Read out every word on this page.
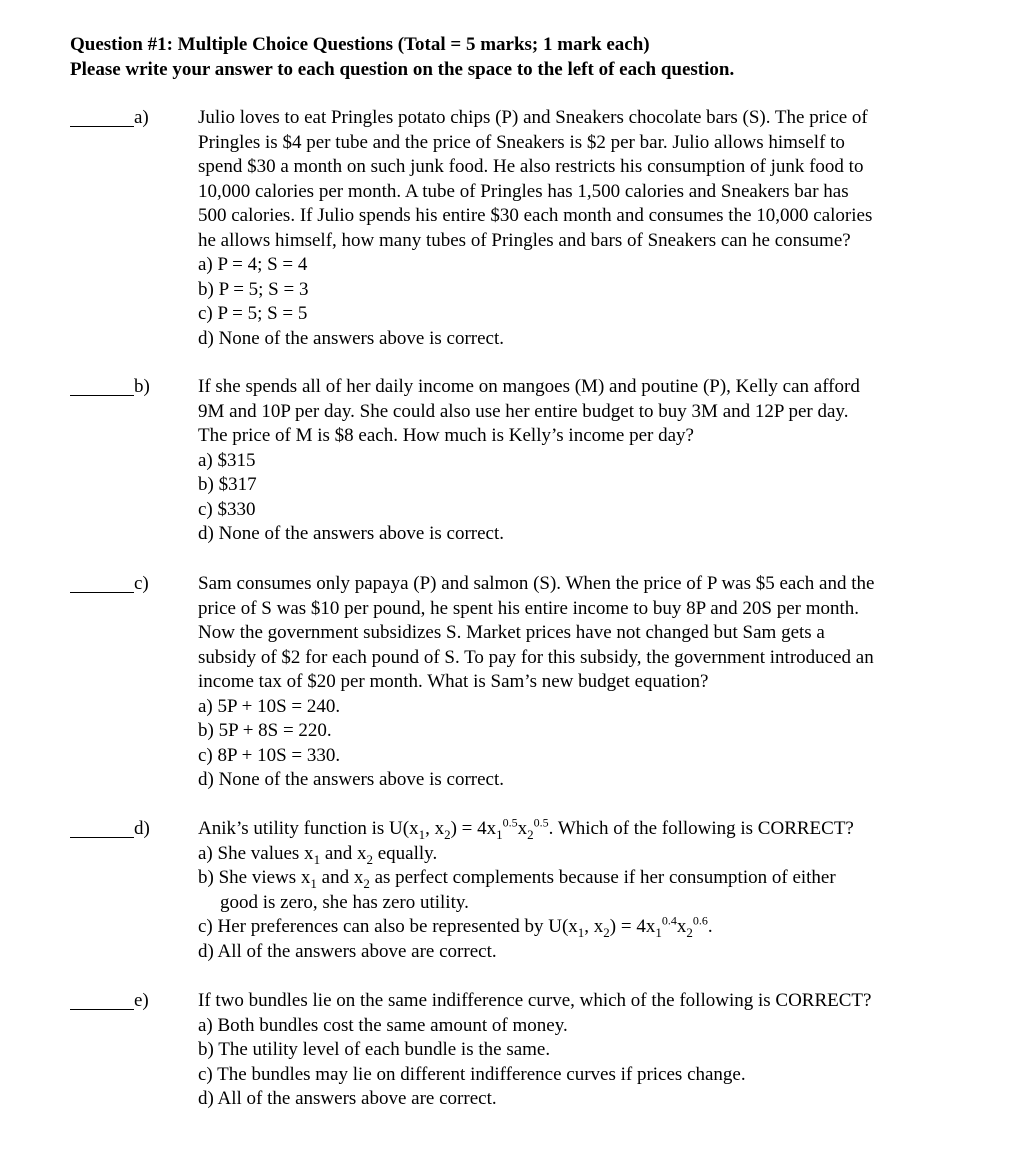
Question #1: Multiple Choice Questions (Total = 5 marks; 1 mark each)
Please write your answer to each question on the space to the left of each question.
a)	Julio loves to eat Pringles potato chips (P) and Sneakers chocolate bars (S). The price of
Pringles is $4 per tube and the price of Sneakers is $2 per bar. Julio allows himself to
spend $30 a month on such junk food. He also restricts his consumption of junk food to
10,000 calories per month. A tube of Pringles has 1,500 calories and Sneakers bar has
500 calories. If Julio spends his entire $30 each month and consumes the 10,000 calories
he allows himself, how many tubes of Pringles and bars of Sneakers can he consume?
a) P = 4; S = 4
b) P = 5; S = 3
c) P = 5; S = 5
d) None of the answers above is correct.
b)	If she spends all of her daily income on mangoes (M) and poutine (P), Kelly can afford
9M and 10P per day. She could also use her entire budget to buy 3M and 12P per day.
The price of M is $8 each. How much is Kelly’s income per day?
a) $315
b) $317
c) $330
d) None of the answers above is correct.
c)	Sam consumes only papaya (P) and salmon (S). When the price of P was $5 each and the
price of S was $10 per pound, he spent his entire income to buy 8P and 20S per month.
Now the government subsidizes S. Market prices have not changed but Sam gets a
subsidy of $2 for each pound of S. To pay for this subsidy, the government introduced an
income tax of $20 per month. What is Sam’s new budget equation?
a) 5P + 10S = 240.
b) 5P + 8S = 220.
c) 8P + 10S = 330.
d) None of the answers above is correct.
d)	Anik’s utility function is $U(x_1$, $x_2) = 4x_1^{0.5}x_2^{0.5}$. Which of the following is CORRECT?
a) She values $x_1$ and $x_2$ equally.
b) She views $x_1$ and $x_2$ as perfect complements because if her consumption of either
good is zero, she has zero utility.
c) Her preferences can also be represented by $U(x_1$, $x_2) = 4x_1^{0.4}x_2^{0.6}$.
d) All of the answers above are correct.
e)	If two bundles lie on the same indifference curve, which of the following is CORRECT?
a) Both bundles cost the same amount of money.
b) The utility level of each bundle is the same.
c) The bundles may lie on different indifference curves if prices change.
d) All of the answers above are correct.
